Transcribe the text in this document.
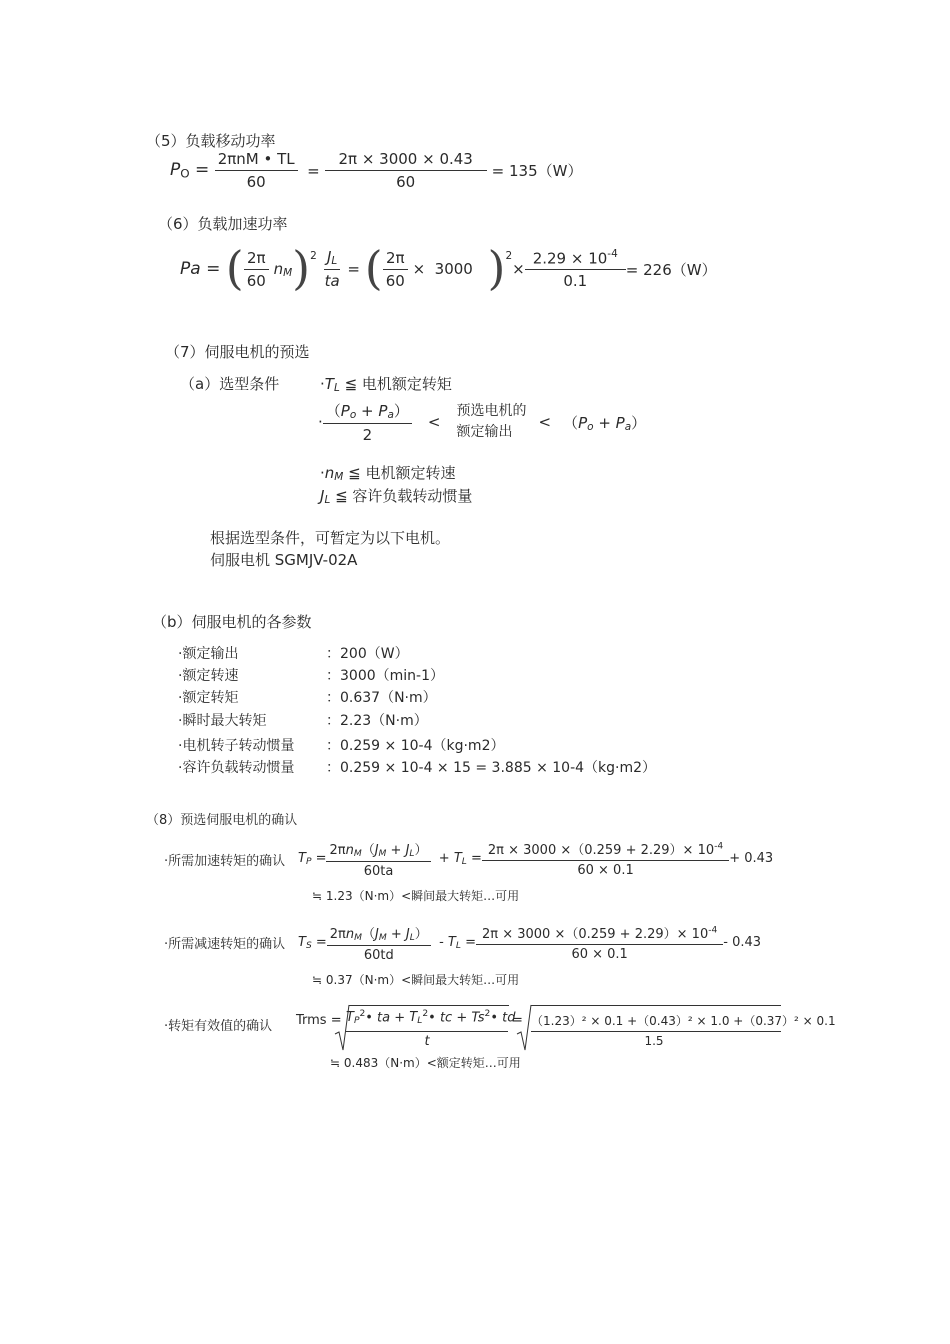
（5）负载移动功率
$P_O = \frac{\text{2πnM • TL}}{60} = \frac{2\pi \times 3000 \times 0.43}{60}$
= 135（W）
（6）负载加速功率
Pa = ( $\frac{2\pi}{60} n_M$ )$^2$
$\frac{J_L}{ta}$ = ( $\frac{2\pi}{60} \times 3000$ )$^2$
× $\frac{2.29 \times 10^{-4}}{0.1} = 226(W)$
（7）伺服电机的预选
（a）选型条件	$\cdot T_L$ ≦ 电机额定转矩
· $\frac{(P_o + P_a)}{2}$ <
预选电机的
额定输出
< $(P_o + P_a)$
$\cdot n_M$ ≦ 电机额定转速
$J_L$ ≦ 容许负载转动惯量
根据选型条件，可暂定为以下电机。
伺服电机 SGMJV-02A
（b）伺服电机的各参数
·额定输出	：200（W）
·额定转速	：3000（min-1）
·额定转矩	：0.637（N·m）
·瞬时最大转矩	：2.23（N·m）
·电机转子转动惯量 ：0.259 × 10-4（kg·m2）
·容许负载转动惯量 ：0.259 × 10-4 × 15 = 3.885 × 10-4（kg·m2）
（8）预选伺服电机的确认
·所需加速转矩的确认 $T_P = \frac{2\pi n_M(J_M + J_L)}{60ta} + T_L = \frac{2\pi \times 3000 \times(0.259 + 2.29)\times 10^{-4}}{60 \times 0.1} + 0.43$
≒ 1.23（N·m）<瞬间最大转矩…可用
·所需减速转矩的确认 $T_S = \frac{2\pi n_M(J_M + J_L)}{60td} - T_L = \frac{2\pi \times 3000 \times(0.259 + 2.29)\times 10^{-4}}{60 \times 0.1} - 0.43$
≒ 0.37（N·m）<瞬间最大转矩…可用
·转矩有效值的确认 Trms = $T_P^2•$ ta + $T_L^2•$ tc + $Ts^2•$ td
t
= （1.23）² × 0.1 +（0.43）² × 1.0 +（0.37）² × 0.1
1.5
≒ 0.483（N·m）<额定转矩…可用
